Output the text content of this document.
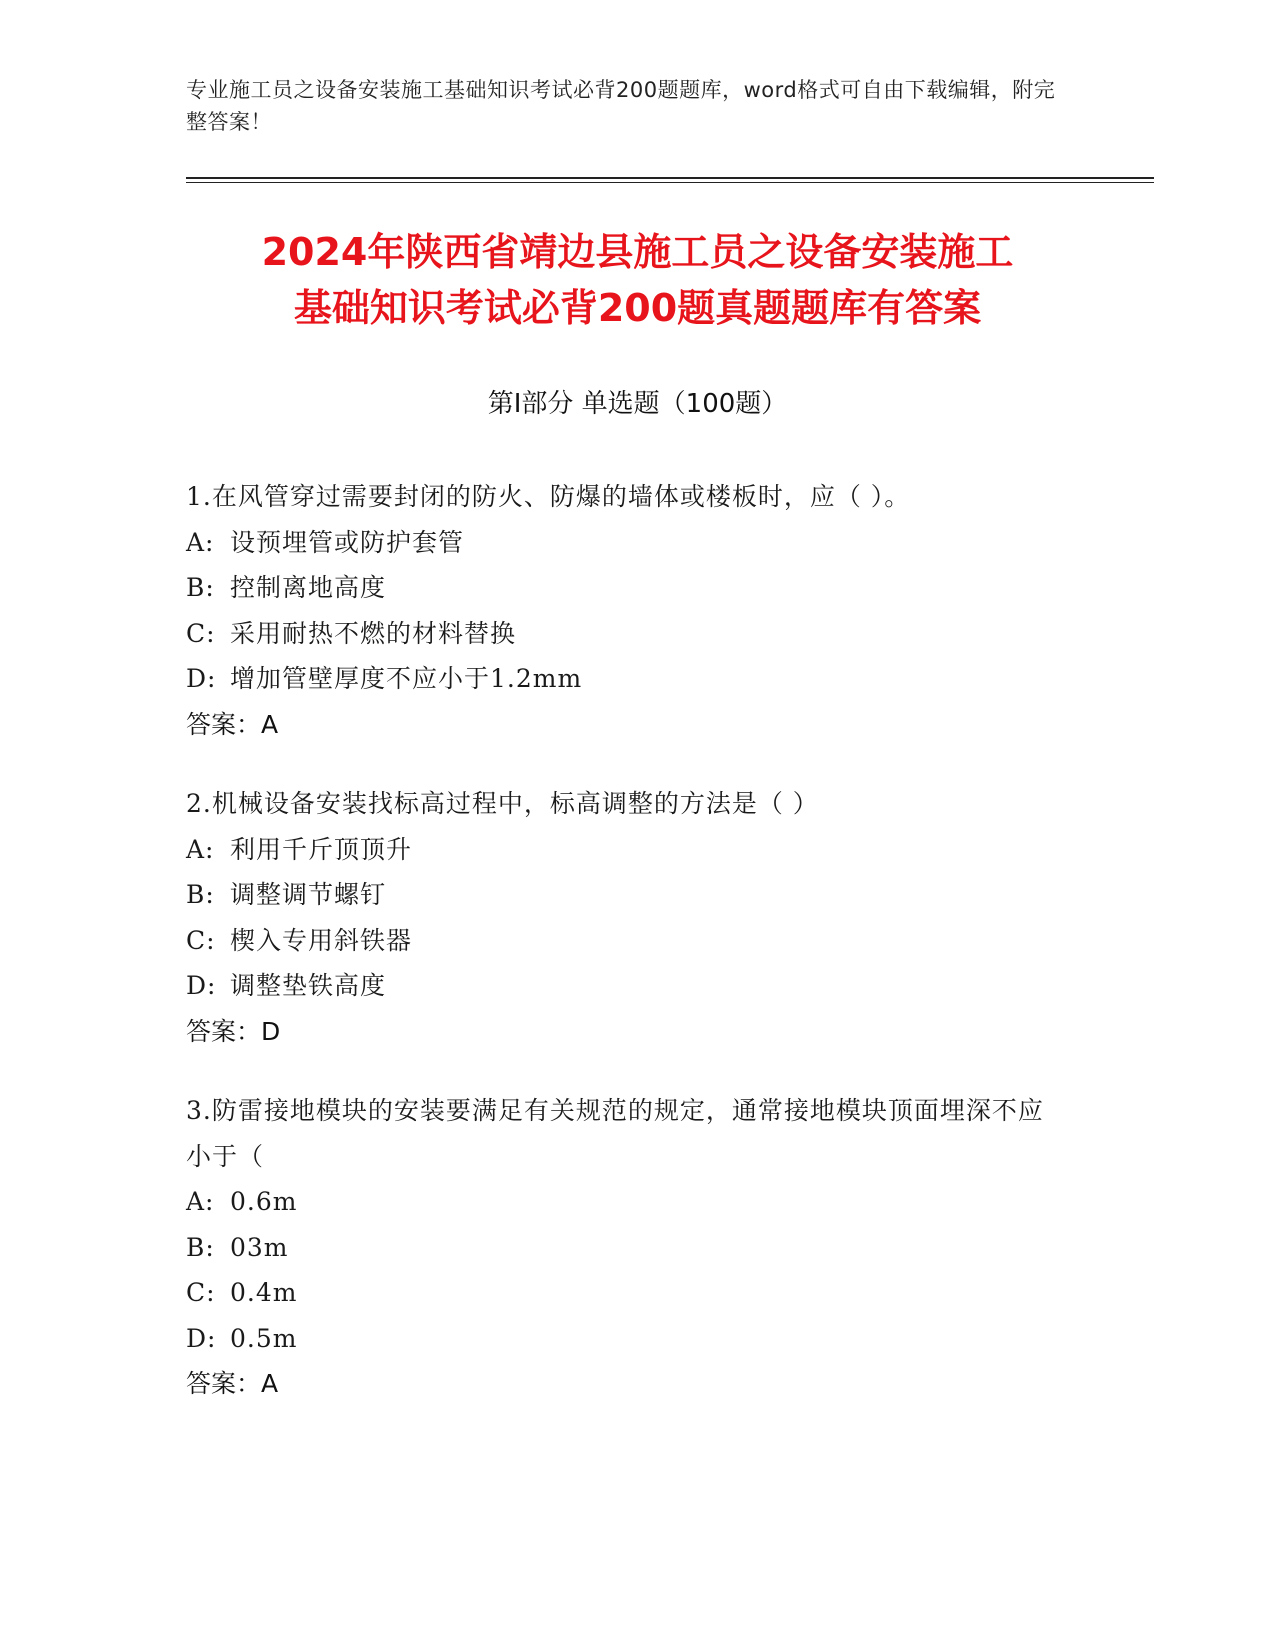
专业施工员之设备安装施工基础知识考试必背200题题库，word格式可自由下载编辑，附完整答案！
2024年陕西省靖边县施工员之设备安装施工
基础知识考试必背200题真题题库有答案
第Ⅰ部分 单选题（100题）
1.在风管穿过需要封闭的防火、防爆的墙体或楼板时，应（ ）。
A: 设预埋管或防护套管
B: 控制离地高度
C: 采用耐热不燃的材料替换
D: 增加管壁厚度不应小于1.2mm
答案：A
2.机械设备安装找标高过程中，标高调整的方法是（ ）
A: 利用千斤顶顶升
B: 调整调节螺钉
C: 楔入专用斜铁器
D: 调整垫铁高度
答案：D
3.防雷接地模块的安装要满足有关规范的规定，通常接地模块顶面埋深不应小于（
A: 0.6m
B: 03m
C: 0.4m
D: 0.5m
答案：A
